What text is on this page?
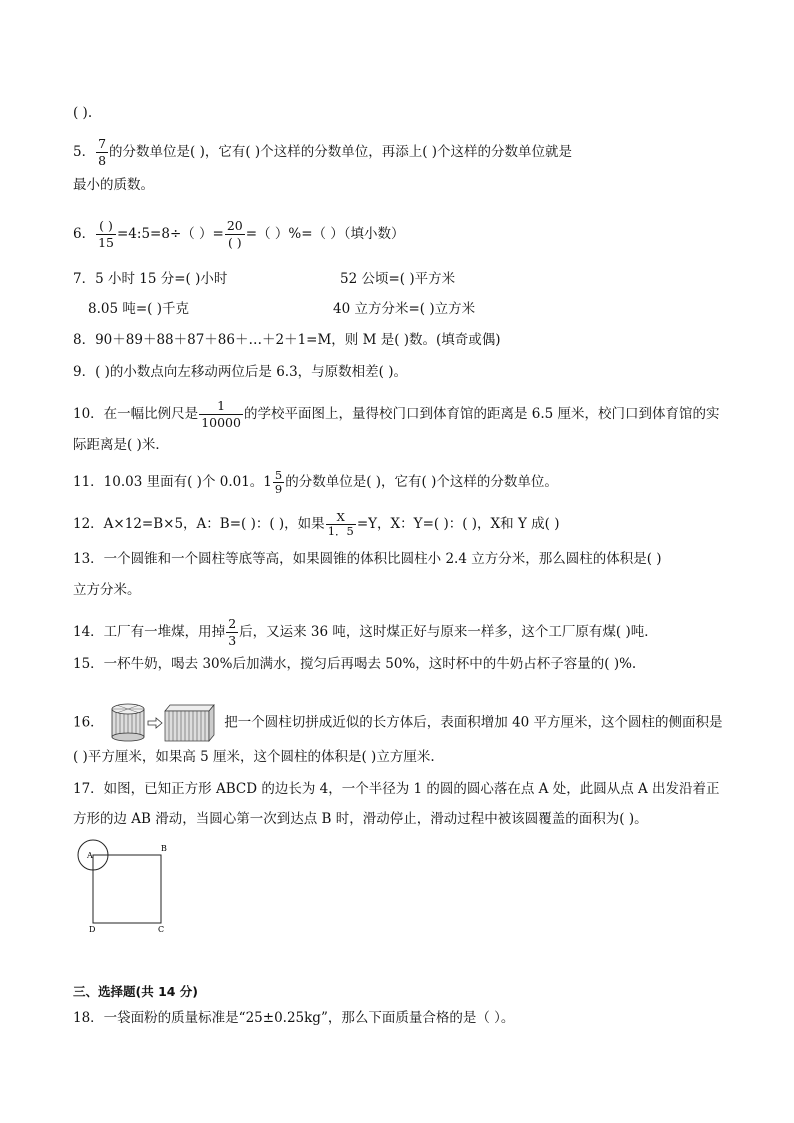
( ).
5． $\frac{7}{8}$ 的分数单位是( )，它有( )个这样的分数单位，再添上( )个这样的分数单位就是
最小的质数。
6． $\frac{( )}{15}$ =4:5=8÷（ ）= $\frac{20}{( )}$ =（ ）%=（ ）（填小数）
7．5 小时 15 分=( )小时	52 公顷=( )平方米
8.05 吨=( )千克	40 立方分米=( )立方米
8．90＋89＋88＋87＋86＋…＋2＋1=M，则 M 是( )数。(填奇或偶)
9．( )的小数点向左移动两位后是 6.3，与原数相差( )。
10．在一幅比例尺是 $\frac{1}{10000}$ 的学校平面图上，量得校门口到体育馆的距离是 6.5 厘米，校门口到体育馆的实
际距离是( )米．
11．10.03 里面有( )个 0.01。$1 \frac{5}{9}$ 的分数单位是( )，它有( )个这样的分数单位。
12．A×12=B×5，A：B=( )：( )，如果 $\frac{X}{1.5} =Y$，X：Y=( )：( )，X和 Y 成( )
13．一个圆锥和一个圆柱等底等高，如果圆锥的体积比圆柱小 2.4 立方分米，那么圆柱的体积是( )
立方分米。
14．工厂有一堆煤，用掉 $\frac{2}{3}$ 后，又运来 36 吨，这时煤正好与原来一样多，这个工厂原有煤( )吨．
15．一杯牛奶，喝去 30%后加满水，搅匀后再喝去 50%，这时杯中的牛奶占杯子容量的( )%.
16．	把一个圆柱切拼成近似的长方体后，表面积增加 40 平方厘米，这个圆柱的侧面积是
( )平方厘米，如果高 5 厘米，这个圆柱的体积是( )立方厘米.
17．如图，已知正方形 ABCD 的边长为 4，一个半径为 1 的圆的圆心落在点 A 处，此圆从点 A 出发沿着正
方形的边 AB 滑动，当圆心第一次到达点 B 时，滑动停止，滑动过程中被该圆覆盖的面积为( )。
A
B
C
D
三、选择题(共 14 分)
18．一袋面粉的质量标准是“25±0.25kg”，那么下面质量合格的是（ ）。
